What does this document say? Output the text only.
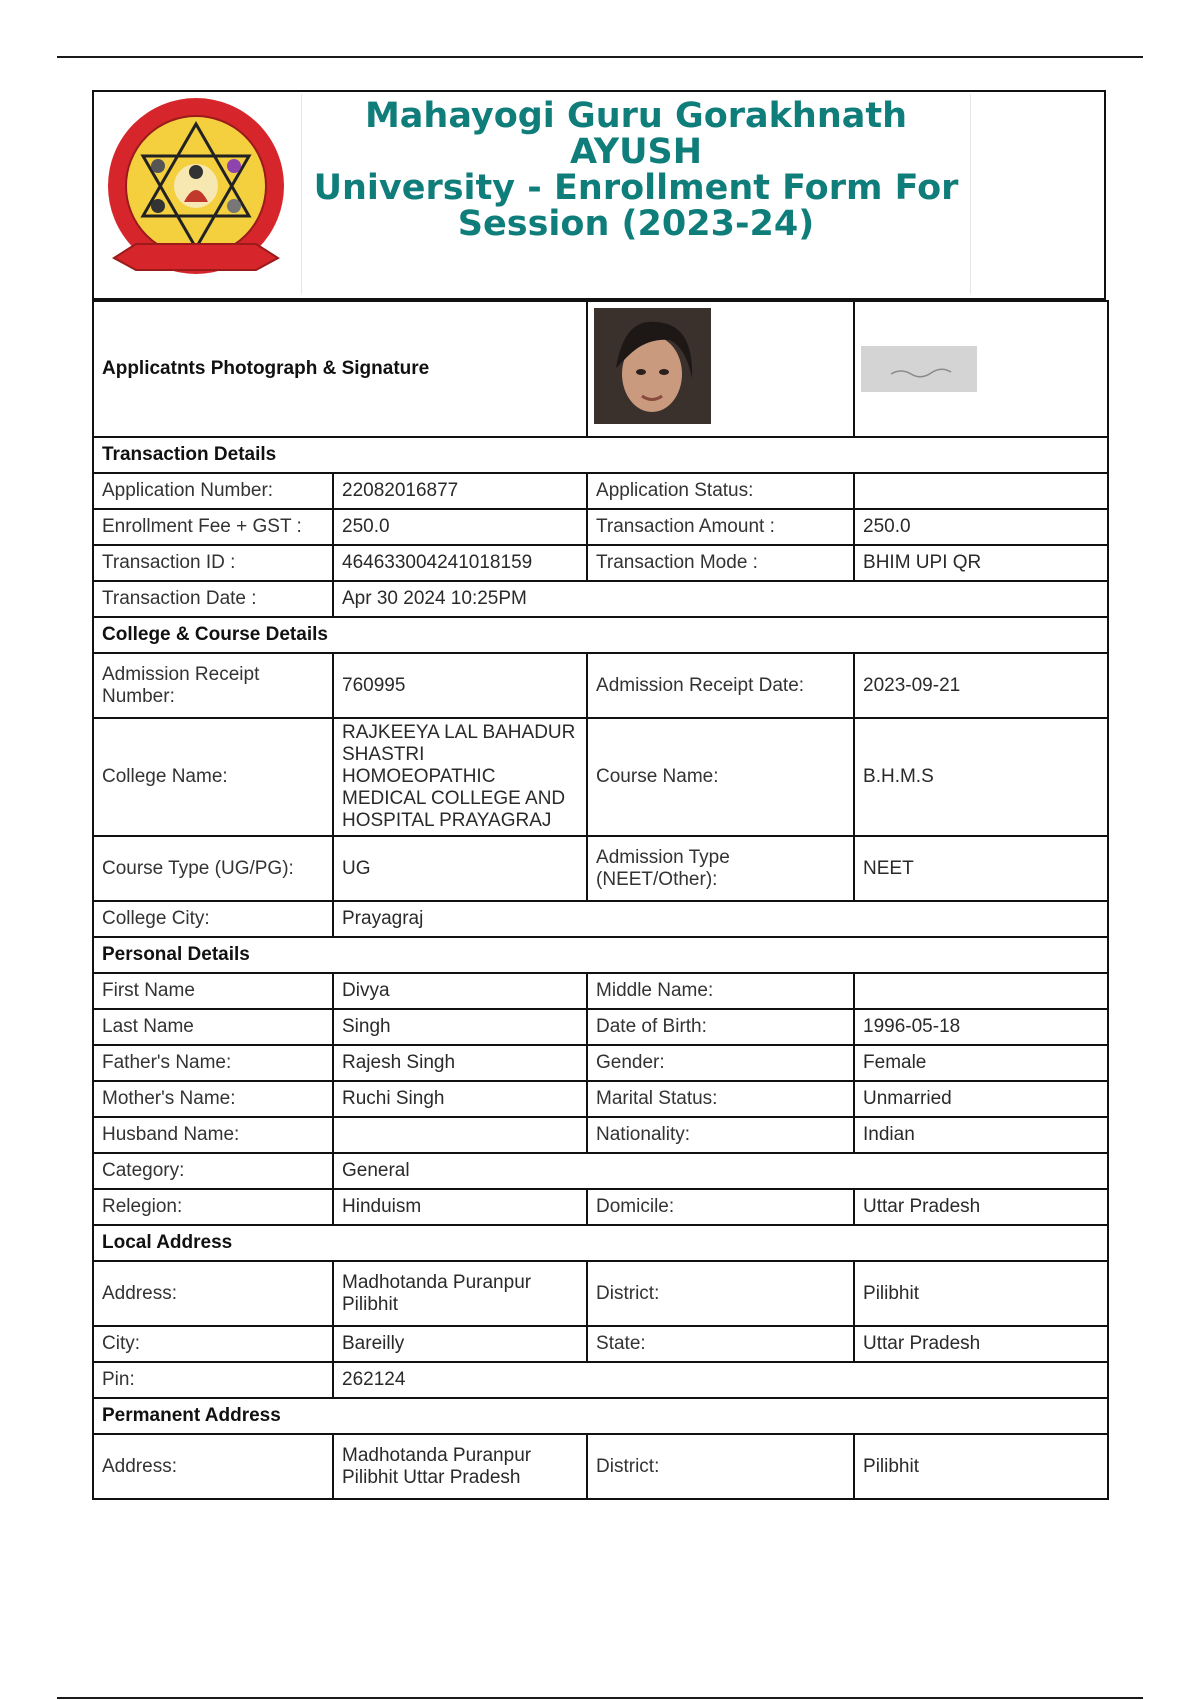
Mahayogi Guru Gorakhnath AYUSH
University - Enrollment Form For
Session (2023-24)
Applicatnts Photograph & Signature	

Transaction Details			
Application Number:	22082016877	Application Status:	
Enrollment Fee + GST :	250.0	Transaction Amount :	250.0
Transaction ID :	464633004241018159	Transaction Mode :	BHIM UPI QR
Transaction Date :	Apr 30 2024 10:25PM		
College & Course Details			
Admission Receipt Number:	760995	Admission Receipt Date:	2023-09-21
College Name:	RAJKEEYA LAL BAHADUR SHASTRI HOMOEOPATHIC MEDICAL COLLEGE AND HOSPITAL PRAYAGRAJ	Course Name:	B.H.M.S
Course Type (UG/PG):	UG	Admission Type (NEET/Other):	NEET
College City:	Prayagraj		
Personal Details			
First Name	Divya	Middle Name:	
Last Name	Singh	Date of Birth:	1996-05-18
Father's Name:	Rajesh Singh	Gender:	Female
Mother's Name:	Ruchi Singh	Marital Status:	Unmarried
Husband Name:		Nationality:	Indian
Category:	General		
Relegion:	Hinduism	Domicile:	Uttar Pradesh
Local Address			
Address:	Madhotanda Puranpur Pilibhit	District:	Pilibhit
City:	Bareilly	State:	Uttar Pradesh
Pin:	262124		
Permanent Address			
Address:	Madhotanda Puranpur Pilibhit Uttar Pradesh	District:	Pilibhit
